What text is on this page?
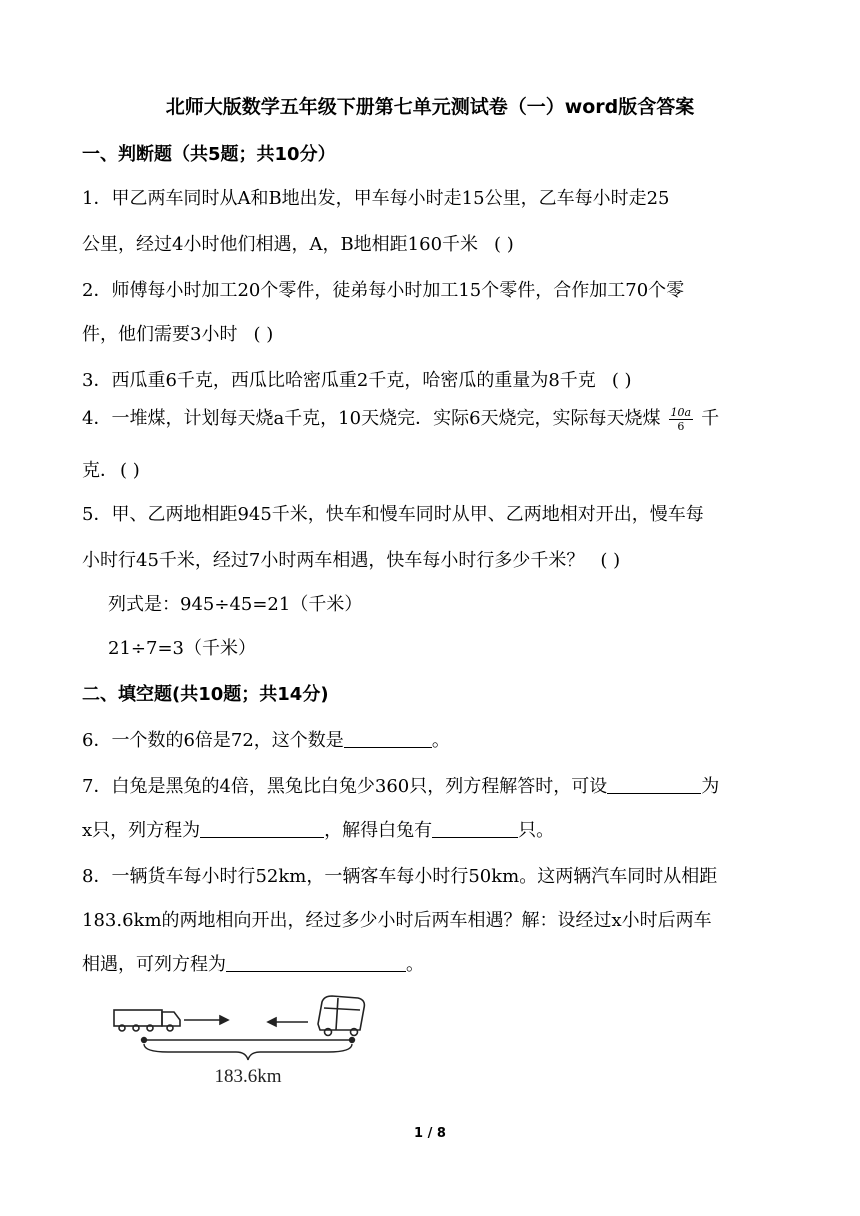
北师大版数学五年级下册第七单元测试卷（一）word版含答案
一、判断题（共5题；共10分）
1．甲乙两车同时从A和B地出发，甲车每小时走15公里，乙车每小时走25
公里，经过4小时他们相遇，A，B地相距160千米 ( )
2．师傅每小时加工20个零件，徒弟每小时加工15个零件，合作加工70个零
件，他们需要3小时 ( )
3．西瓜重6千克，西瓜比哈密瓜重2千克，哈密瓜的重量为8千克 ( )
4．一堆煤，计划每天烧a千克，10天烧完．实际6天烧完，实际每天烧煤 $\frac{10a}{6}$ 千
克． ( )
5．甲、乙两地相距945千米，快车和慢车同时从甲、乙两地相对开出，慢车每
小时行45千米，经过7小时两车相遇，快车每小时行多少千米？ ( )
列式是：945÷45=21（千米）
21÷7=3（千米）
二、填空题(共10题；共14分)
6．一个数的6倍是72，这个数是	。
7．白兔是黑兔的4倍，黑兔比白兔少360只，列方程解答时，可设	为
x只，列方程为	，解得白兔有	只。
8．一辆货车每小时行52km，一辆客车每小时行50km。这两辆汽车同时从相距
183.6km的两地相向开出，经过多少小时后两车相遇？解：设经过x小时后两车
相遇，可列方程为	。
183.6km
1 / 8
